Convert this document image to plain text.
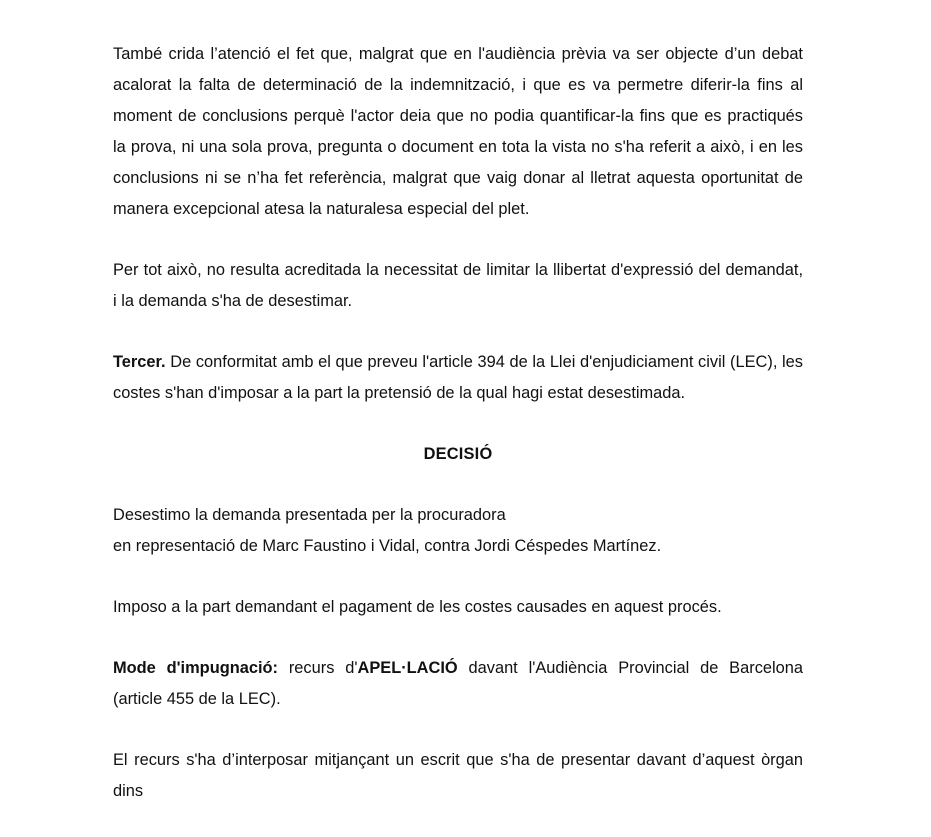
També crida l’atenció el fet que, malgrat que en l'audiència prèvia va ser objecte d’un debat acalorat la falta de determinació de la indemnització, i que es va permetre diferir-la fins al moment de conclusions perquè l'actor deia que no podia quantificar-la fins que es practiqués la prova, ni una sola prova, pregunta o document en tota la vista no s'ha referit a això, i en les conclusions ni se n’ha fet referència, malgrat que vaig donar al lletrat aquesta oportunitat de manera excepcional atesa la naturalesa especial del plet.

Per tot això, no resulta acreditada la necessitat de limitar la llibertat d'expressió del demandat, i la demanda s'ha de desestimar.

Tercer. De conformitat amb el que preveu l'article 394 de la Llei d'enjudiciament civil (LEC), les costes s'han d'imposar a la part la pretensió de la qual hagi estat desestimada.

DECISIÓ

Desestimo la demanda presentada per la procuradora
en representació de Marc Faustino i Vidal, contra Jordi Céspedes Martínez.

Imposo a la part demandant el pagament de les costes causades en aquest procés.

Mode d'impugnació: recurs d'APEL·LACIÓ davant l'Audiència Provincial de Barcelona (article 455 de la LEC).

El recurs s'ha d’interposar mitjançant un escrit que s'ha de presentar davant d’aquest òrgan dins
